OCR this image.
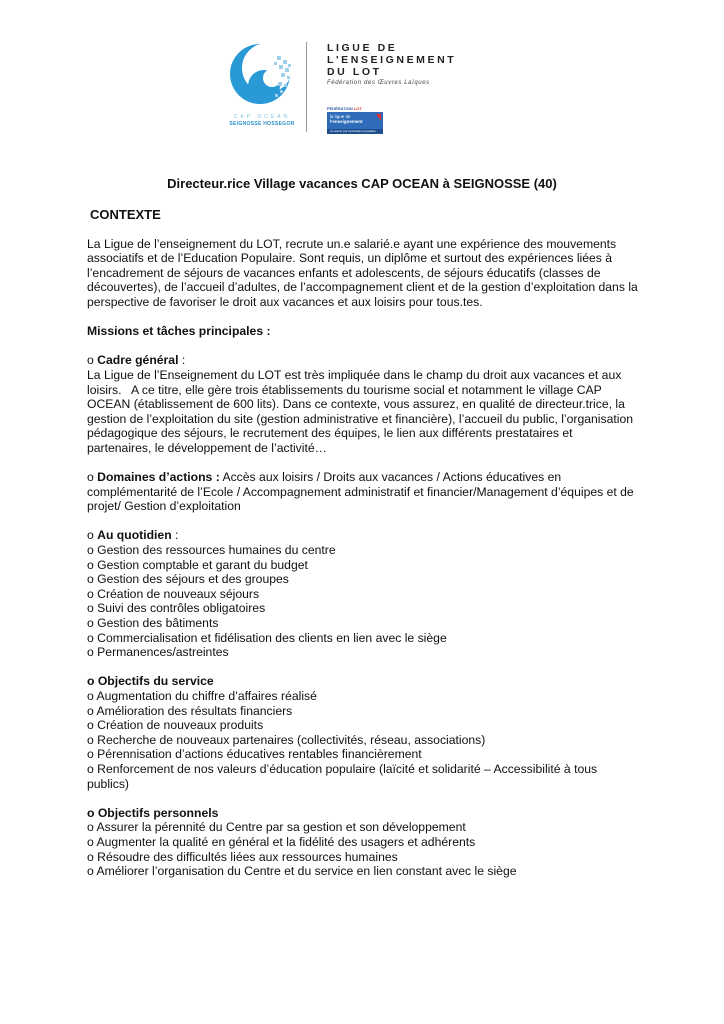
CAP OCEAN
SEIGNOSSE HOSSEGOR
LIGUE DE
L'ENSEIGNEMENT
DU LOT
Fédération des Œuvres Laïques
FÉDÉRATION LOT
la ligue de
l'enseignement
un avenir par l'éducation populaire
Directeur.rice Village vacances CAP OCEAN à SEIGNOSSE (40)
CONTEXTE

La Ligue de l’enseignement du LOT, recrute un.e salarié.e ayant une expérience des mouvements

associatifs et de l’Education Populaire. Sont requis, un diplôme et surtout des expériences liées à

l’encadrement de séjours de vacances enfants et adolescents, de séjours éducatifs (classes de

découvertes), de l’accueil d’adultes, de l’accompagnement client et de la gestion d’exploitation dans la

perspective de favoriser le droit aux vacances et aux loisirs pour tous.tes.

Missions et tâches principales :

o Cadre général :

La Ligue de l’Enseignement du LOT est très impliquée dans le champ du droit aux vacances et aux

loisirs.   A ce titre, elle gère trois établissements du tourisme social et notamment le village CAP

OCEAN (établissement de 600 lits). Dans ce contexte, vous assurez, en qualité de directeur.trice, la

gestion de l’exploitation du site (gestion administrative et financière), l’accueil du public, l’organisation

pédagogique des séjours, le recrutement des équipes, le lien aux différents prestataires et

partenaires, le développement de l’activité…

o Domaines d’actions : Accès aux loisirs / Droits aux vacances / Actions éducatives en

complémentarité de l’Ecole / Accompagnement administratif et financier/Management d’équipes et de

projet/ Gestion d’exploitation

o Au quotidien :

o Gestion des ressources humaines du centre

o Gestion comptable et garant du budget

o Gestion des séjours et des groupes

o Création de nouveaux séjours

o Suivi des contrôles obligatoires

o Gestion des bâtiments

o Commercialisation et fidélisation des clients en lien avec le siège

o Permanences/astreintes

o Objectifs du service

o Augmentation du chiffre d’affaires réalisé

o Amélioration des résultats financiers

o Création de nouveaux produits

o Recherche de nouveaux partenaires (collectivités, réseau, associations)

o Pérennisation d’actions éducatives rentables financièrement

o Renforcement de nos valeurs d’éducation populaire (laïcité et solidarité – Accessibilité à tous

publics)

o Objectifs personnels

o Assurer la pérennité du Centre par sa gestion et son développement

o Augmenter la qualité en général et la fidélité des usagers et adhérents

o Résoudre des difficultés liées aux ressources humaines

o Améliorer l’organisation du Centre et du service en lien constant avec le siège
